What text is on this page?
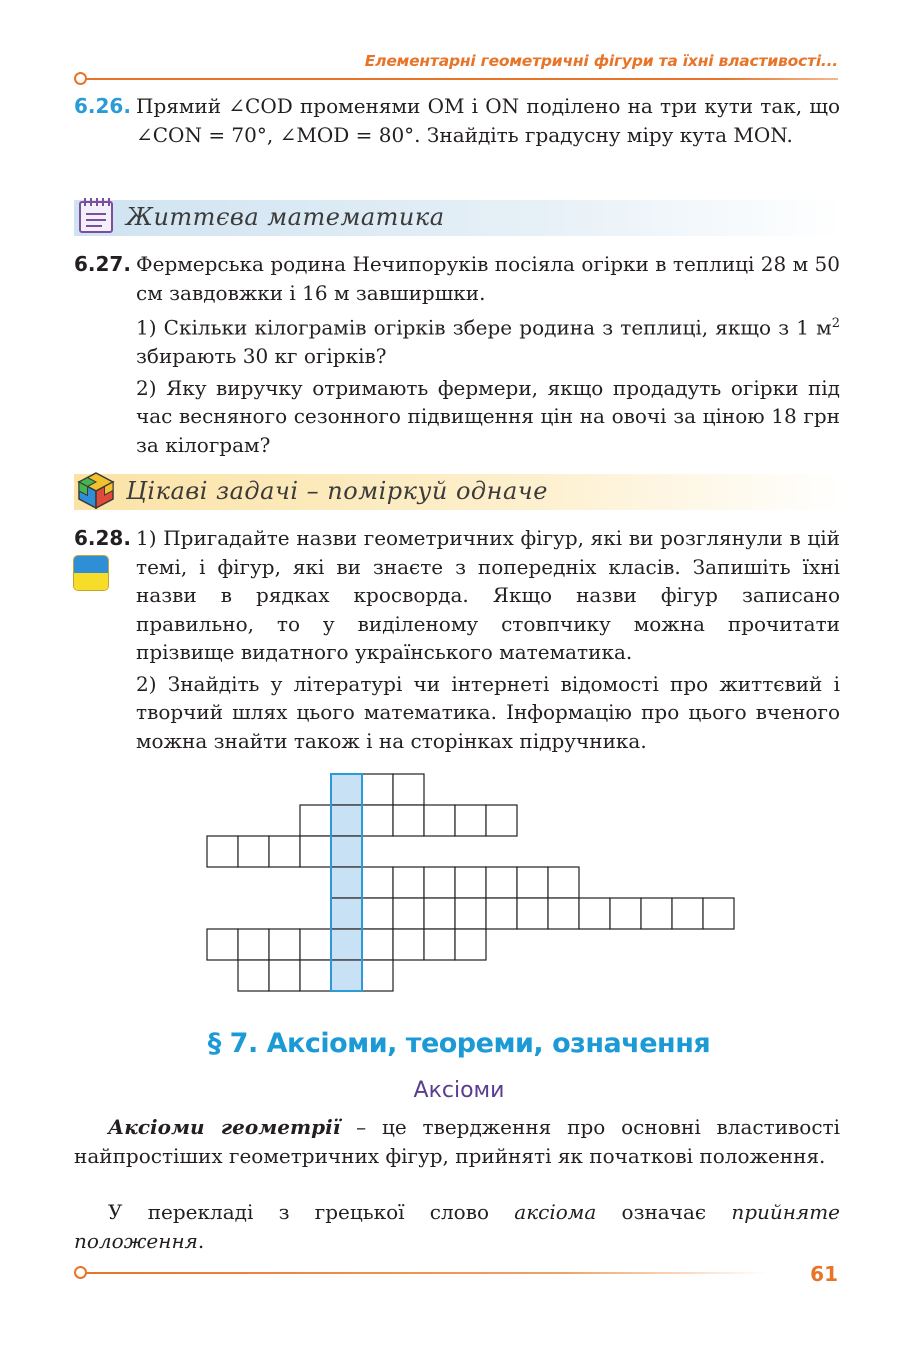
Елементарні геометричні фігури та їхні властивості...
6.26. Прямий ∠COD променями OM і ON поділено на три кути так, що ∠CON = 70°, ∠MOD = 80°. Знайдіть градусну міру кута MON.
Життєва математика
6.27. Фермерська родина Нечипоруків посіяла огірки в теплиці 28 м 50 см завдовжки і 16 м завширшки.

1) Скільки кілограмів огірків збере родина з теплиці, якщо з 1 $м^2$ збирають 30 кг огірків?

2) Яку виручку отримають фермери, якщо продадуть огірки під час весняного сезонного підвищення цін на овочі за ціною 18 грн за кілограм?

Цікаві задачі – поміркуй одначе
6.28. 1) Пригадайте назви геометричних фігур, які ви розглянули в цій темі, і фігур, які ви знаєте з попередніх класів. Запишіть їхні назви в рядках кросворда. Якщо назви фігур записано правильно, то у виділеному стовпчику можна прочитати прізвище видатного українського математика.

2) Знайдіть у літературі чи інтернеті відомості про життєвий і творчий шлях цього математика. Інформацію про цього вченого можна знайти також і на сторінках підручника.

§ 7. Аксіоми, теореми, означення
Аксіоми
Аксіоми геометрії – це твердження про основні властивості найпростіших геометричних фігур, прийняті як початкові положення.
У перекладі з грецької слово аксіома означає прийняте положення.
61
